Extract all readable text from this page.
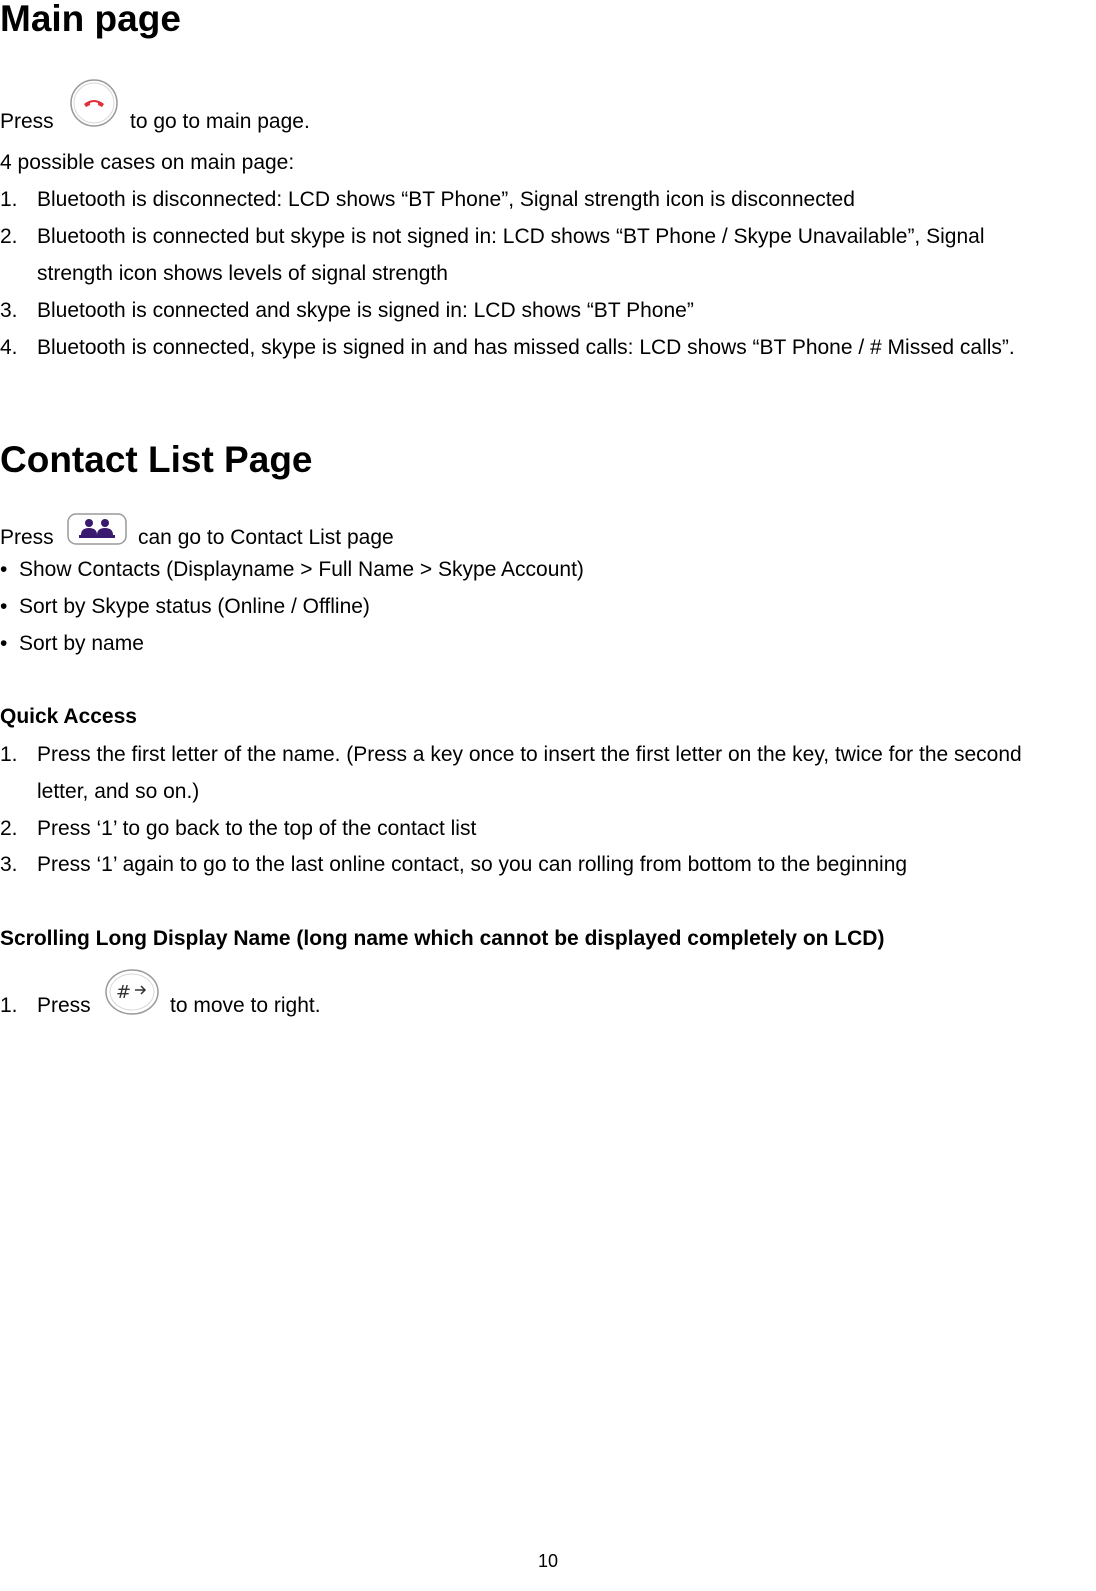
Main page
Press	to go to main page.
4 possible cases on main page:
1. Bluetooth is disconnected: LCD shows “BT Phone”, Signal strength icon is disconnected
2. Bluetooth is connected but skype is not signed in: LCD shows “BT Phone / Skype Unavailable”, Signal
strength icon shows levels of signal strength
3. Bluetooth is connected and skype is signed in: LCD shows “BT Phone”
4. Bluetooth is connected, skype is signed in and has missed calls: LCD shows “BT Phone / # Missed calls”.
Contact List Page
Press	can go to Contact List page
• Show Contacts (Displayname > Full Name > Skype Account)
• Sort by Skype status (Online / Offline)
• Sort by name
Quick Access
1. Press the first letter of the name. (Press a key once to insert the first letter on the key, twice for the second
letter, and so on.)
2. Press ‘1’ to go back to the top of the contact list
3. Press ‘1’ again to go to the last online contact, so you can rolling from bottom to the beginning
Scrolling Long Display Name (long name which cannot be displayed completely on LCD)
1. Press
#
to move to right.
10
